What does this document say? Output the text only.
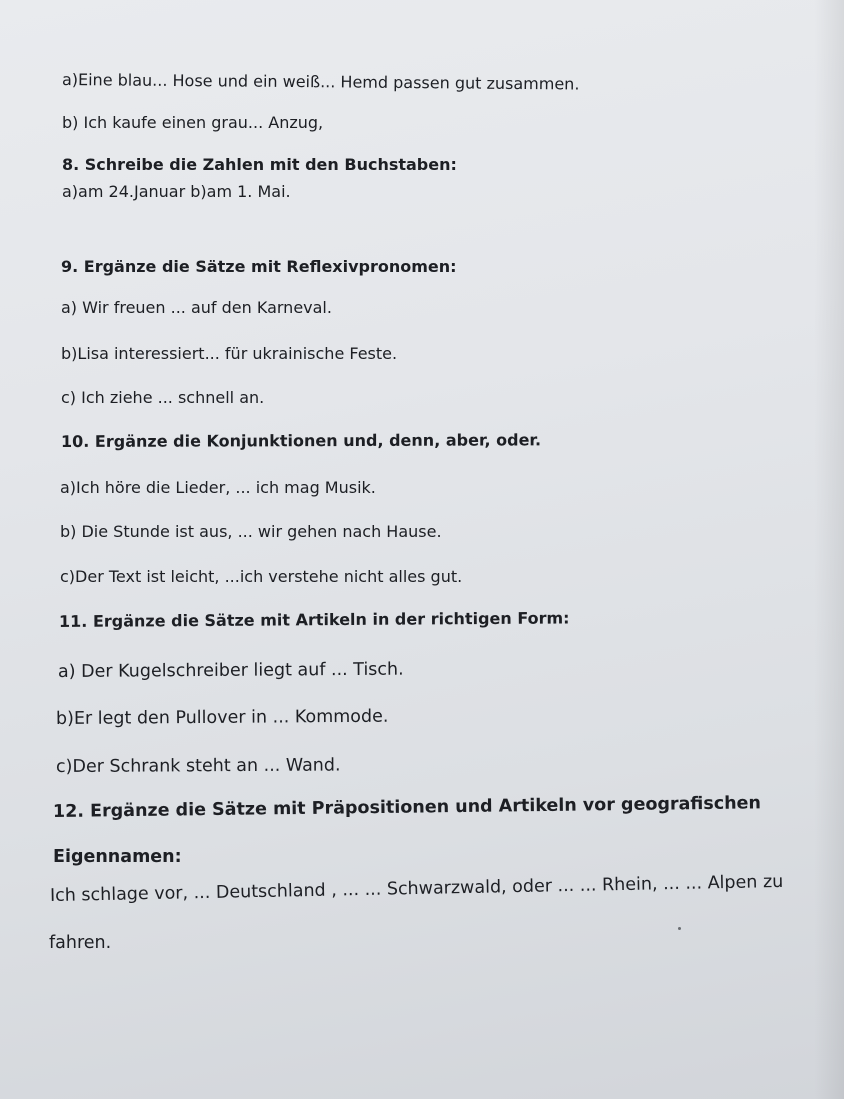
a)Eine blau... Hose und ein weiß... Hemd passen gut zusammen.
b) Ich kaufe einen grau... Anzug,
8. Schreibe die Zahlen mit den Buchstaben:
a)am 24.Januar b)am 1. Mai.
9. Ergänze die Sätze mit Reflexivpronomen:
a) Wir freuen ... auf den Karneval.
b)Lisa interessiert... für ukrainische Feste.
c) Ich ziehe ... schnell an.
10. Ergänze die Konjunktionen und, denn, aber, oder.
a)Ich höre die Lieder, ... ich mag Musik.
b) Die Stunde ist aus, ... wir gehen nach Hause.
c)Der Text ist leicht, ...ich verstehe nicht alles gut.
11. Ergänze die Sätze mit Artikeln in der richtigen Form:
a) Der Kugelschreiber liegt auf ... Tisch.
b)Er legt den Pullover in ... Kommode.
c)Der Schrank steht an ... Wand.
12. Ergänze die Sätze mit Präpositionen und Artikeln vor geografischen
Eigennamen:
Ich schlage vor, ... Deutschland , ... ... Schwarzwald, oder ... ... Rhein, ... ... Alpen zu
fahren.
